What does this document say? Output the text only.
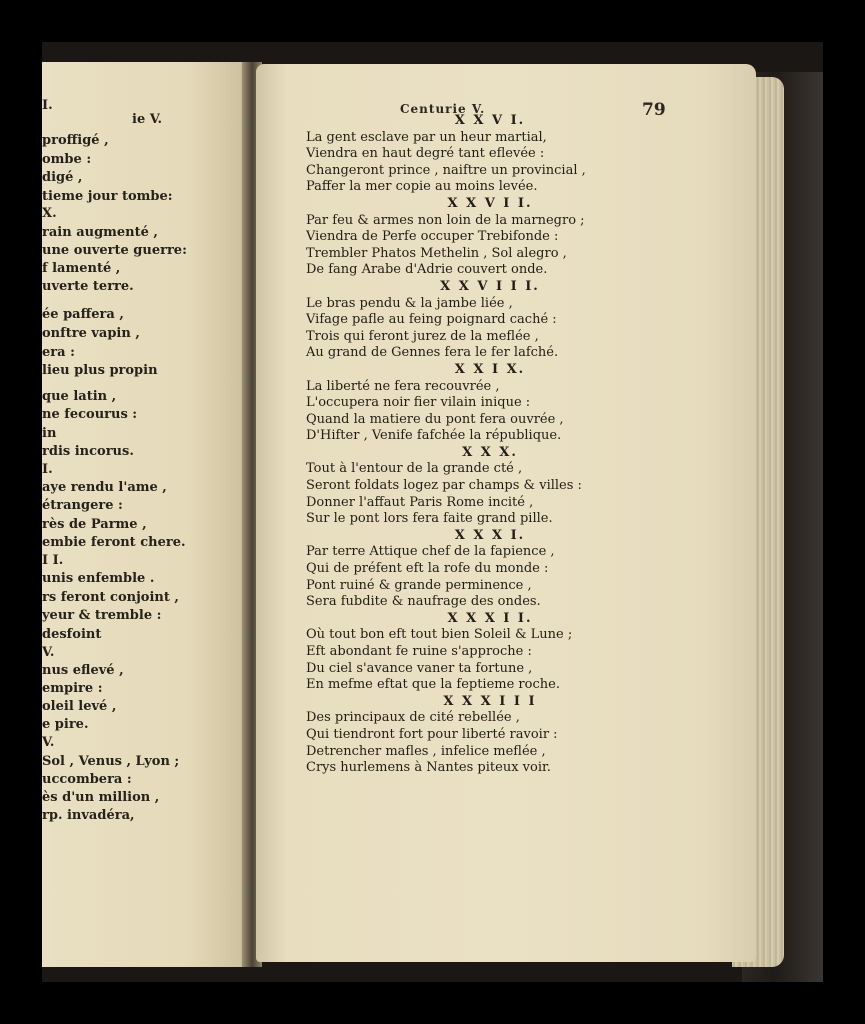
I.
ie V.
proffigé ,
ombe :
digé ,
tieme jour tombe:
X.
rain augmenté ,
une ouverte guerre:
f lamenté ,
uverte terre.
ée paffera ,
onftre vapin ,
era :
lieu plus propin
que latin ,
ne fecourus :
in
rdis incorus.
I.
aye rendu l'ame ,
étrangere :
rès de Parme ,
embie feront chere.
I I.
unis enfemble .
rs feront conjoint ,
yeur & tremble :
desfoint
V.
nus eflevé ,
empire :
oleil levé ,
e pire.
V.
Sol , Venus , Lyon ;
uccombera :
ès d'un million ,
rp. invadéra,
Centurie V.	79
X X V I.
La gent esclave par un heur martial,
Viendra en haut degré tant eflevée :
Changeront prince , naiftre un provincial ,
Paffer la mer copie au moins levée.
X X V I I.
Par feu & armes non loin de la marnegro ;
Viendra de Perfe occuper Trebifonde :
Trembler Phatos Methelin , Sol alegro ,
De fang Arabe d'Adrie couvert onde.
X X V I I I.
Le bras pendu & la jambe liée ,
Vifage pafle au feing poignard caché :
Trois qui feront jurez de la meflée ,
Au grand de Gennes fera le fer lafché.
X X I X.
La liberté ne fera recouvrée ,
L'occupera noir fier vilain inique :
Quand la matiere du pont fera ouvrée ,
D'Hifter , Venife fafchée la république.
X X X.
Tout à l'entour de la grande cté ,
Seront foldats logez par champs & villes :
Donner l'affaut Paris Rome incité ,
Sur le pont lors fera faite grand pille.
X X X I.
Par terre Attique chef de la fapience ,
Qui de préfent eft la rofe du monde :
Pont ruiné & grande perminence ,
Sera fubdite & naufrage des ondes.
X X X I I.
Où tout bon eft tout bien Soleil & Lune ;
Eft abondant fe ruine s'approche :
Du ciel s'avance vaner ta fortune ,
En mefme eftat que la feptieme roche.
X X X I I I
Des principaux de cité rebellée ,
Qui tiendront fort pour liberté ravoir :
Detrencher mafles , infelice meflée ,
Crys hurlemens à Nantes piteux voir.
